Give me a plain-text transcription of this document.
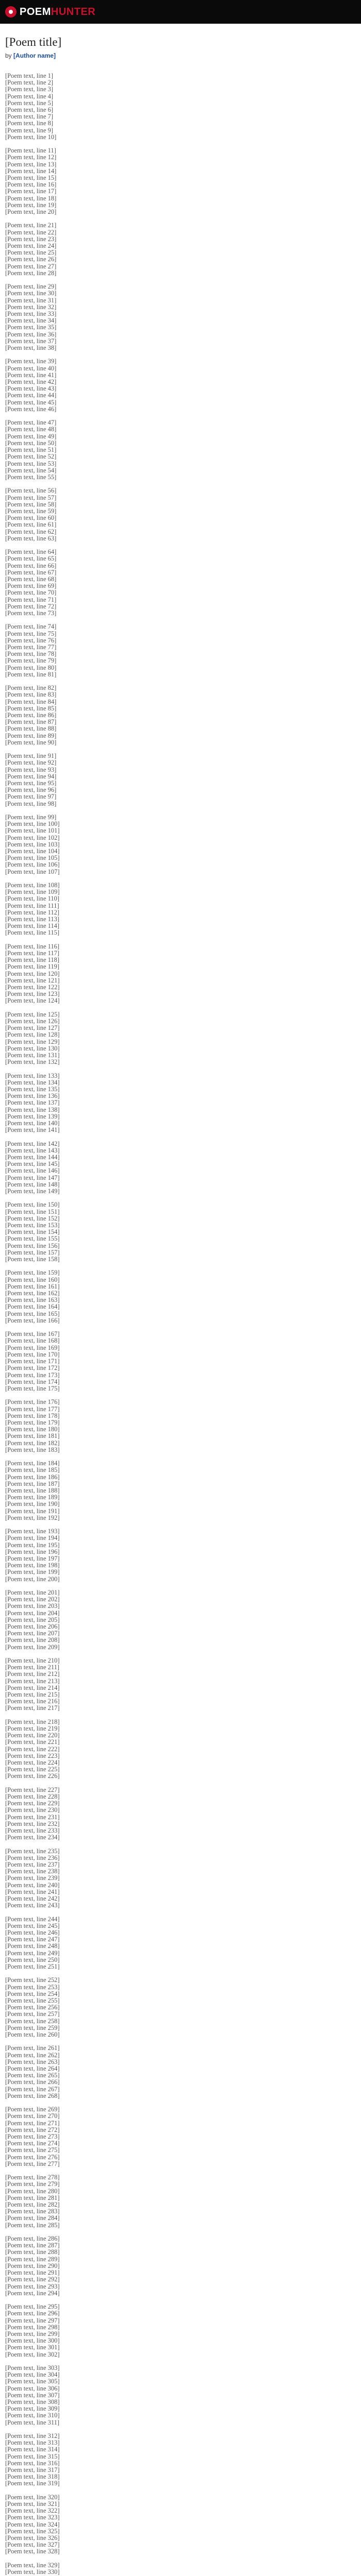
POEMHUNTER
[Poem title]
by [Author name]
[Poem text, line 1]
[Poem text, line 2]
[Poem text, line 3]
[Poem text, line 4]
[Poem text, line 5]
[Poem text, line 6]
[Poem text, line 7]
[Poem text, line 8]
[Poem text, line 9]
[Poem text, line 10]
[Poem text, line 11]
[Poem text, line 12]
[Poem text, line 13]
[Poem text, line 14]
[Poem text, line 15]
[Poem text, line 16]
[Poem text, line 17]
[Poem text, line 18]
[Poem text, line 19]
[Poem text, line 20]
[Poem text, line 21]
[Poem text, line 22]
[Poem text, line 23]
[Poem text, line 24]
[Poem text, line 25]
[Poem text, line 26]
[Poem text, line 27]
[Poem text, line 28]
[Poem text, line 29]
[Poem text, line 30]
[Poem text, line 31]
[Poem text, line 32]
[Poem text, line 33]
[Poem text, line 34]
[Poem text, line 35]
[Poem text, line 36]
[Poem text, line 37]
[Poem text, line 38]
[Poem text, line 39]
[Poem text, line 40]
[Poem text, line 41]
[Poem text, line 42]
[Poem text, line 43]
[Poem text, line 44]
[Poem text, line 45]
[Poem text, line 46]
[Poem text, line 47]
[Poem text, line 48]
[Poem text, line 49]
[Poem text, line 50]
[Poem text, line 51]
[Poem text, line 52]
[Poem text, line 53]
[Poem text, line 54]
[Poem text, line 55]
[Poem text, line 56]
[Poem text, line 57]
[Poem text, line 58]
[Poem text, line 59]
[Poem text, line 60]
[Poem text, line 61]
[Poem text, line 62]
[Poem text, line 63]
[Poem text, line 64]
[Poem text, line 65]
[Poem text, line 66]
[Poem text, line 67]
[Poem text, line 68]
[Poem text, line 69]
[Poem text, line 70]
[Poem text, line 71]
[Poem text, line 72]
[Poem text, line 73]
[Poem text, line 74]
[Poem text, line 75]
[Poem text, line 76]
[Poem text, line 77]
[Poem text, line 78]
[Poem text, line 79]
[Poem text, line 80]
[Poem text, line 81]
[Poem text, line 82]
[Poem text, line 83]
[Poem text, line 84]
[Poem text, line 85]
[Poem text, line 86]
[Poem text, line 87]
[Poem text, line 88]
[Poem text, line 89]
[Poem text, line 90]
[Poem text, line 91]
[Poem text, line 92]
[Poem text, line 93]
[Poem text, line 94]
[Poem text, line 95]
[Poem text, line 96]
[Poem text, line 97]
[Poem text, line 98]
[Poem text, line 99]
[Poem text, line 100]
[Poem text, line 101]
[Poem text, line 102]
[Poem text, line 103]
[Poem text, line 104]
[Poem text, line 105]
[Poem text, line 106]
[Poem text, line 107]
[Poem text, line 108]
[Poem text, line 109]
[Poem text, line 110]
[Poem text, line 111]
[Poem text, line 112]
[Poem text, line 113]
[Poem text, line 114]
[Poem text, line 115]
[Poem text, line 116]
[Poem text, line 117]
[Poem text, line 118]
[Poem text, line 119]
[Poem text, line 120]
[Poem text, line 121]
[Poem text, line 122]
[Poem text, line 123]
[Poem text, line 124]
[Poem text, line 125]
[Poem text, line 126]
[Poem text, line 127]
[Poem text, line 128]
[Poem text, line 129]
[Poem text, line 130]
[Poem text, line 131]
[Poem text, line 132]
[Poem text, line 133]
[Poem text, line 134]
[Poem text, line 135]
[Poem text, line 136]
[Poem text, line 137]
[Poem text, line 138]
[Poem text, line 139]
[Poem text, line 140]
[Poem text, line 141]
[Poem text, line 142]
[Poem text, line 143]
[Poem text, line 144]
[Poem text, line 145]
[Poem text, line 146]
[Poem text, line 147]
[Poem text, line 148]
[Poem text, line 149]
[Poem text, line 150]
[Poem text, line 151]
[Poem text, line 152]
[Poem text, line 153]
[Poem text, line 154]
[Poem text, line 155]
[Poem text, line 156]
[Poem text, line 157]
[Poem text, line 158]
[Poem text, line 159]
[Poem text, line 160]
[Poem text, line 161]
[Poem text, line 162]
[Poem text, line 163]
[Poem text, line 164]
[Poem text, line 165]
[Poem text, line 166]
[Poem text, line 167]
[Poem text, line 168]
[Poem text, line 169]
[Poem text, line 170]
[Poem text, line 171]
[Poem text, line 172]
[Poem text, line 173]
[Poem text, line 174]
[Poem text, line 175]
[Poem text, line 176]
[Poem text, line 177]
[Poem text, line 178]
[Poem text, line 179]
[Poem text, line 180]
[Poem text, line 181]
[Poem text, line 182]
[Poem text, line 183]
[Poem text, line 184]
[Poem text, line 185]
[Poem text, line 186]
[Poem text, line 187]
[Poem text, line 188]
[Poem text, line 189]
[Poem text, line 190]
[Poem text, line 191]
[Poem text, line 192]
[Poem text, line 193]
[Poem text, line 194]
[Poem text, line 195]
[Poem text, line 196]
[Poem text, line 197]
[Poem text, line 198]
[Poem text, line 199]
[Poem text, line 200]
[Poem text, line 201]
[Poem text, line 202]
[Poem text, line 203]
[Poem text, line 204]
[Poem text, line 205]
[Poem text, line 206]
[Poem text, line 207]
[Poem text, line 208]
[Poem text, line 209]
[Poem text, line 210]
[Poem text, line 211]
[Poem text, line 212]
[Poem text, line 213]
[Poem text, line 214]
[Poem text, line 215]
[Poem text, line 216]
[Poem text, line 217]
[Poem text, line 218]
[Poem text, line 219]
[Poem text, line 220]
[Poem text, line 221]
[Poem text, line 222]
[Poem text, line 223]
[Poem text, line 224]
[Poem text, line 225]
[Poem text, line 226]
[Poem text, line 227]
[Poem text, line 228]
[Poem text, line 229]
[Poem text, line 230]
[Poem text, line 231]
[Poem text, line 232]
[Poem text, line 233]
[Poem text, line 234]
[Poem text, line 235]
[Poem text, line 236]
[Poem text, line 237]
[Poem text, line 238]
[Poem text, line 239]
[Poem text, line 240]
[Poem text, line 241]
[Poem text, line 242]
[Poem text, line 243]
[Poem text, line 244]
[Poem text, line 245]
[Poem text, line 246]
[Poem text, line 247]
[Poem text, line 248]
[Poem text, line 249]
[Poem text, line 250]
[Poem text, line 251]
[Poem text, line 252]
[Poem text, line 253]
[Poem text, line 254]
[Poem text, line 255]
[Poem text, line 256]
[Poem text, line 257]
[Poem text, line 258]
[Poem text, line 259]
[Poem text, line 260]
[Poem text, line 261]
[Poem text, line 262]
[Poem text, line 263]
[Poem text, line 264]
[Poem text, line 265]
[Poem text, line 266]
[Poem text, line 267]
[Poem text, line 268]
[Poem text, line 269]
[Poem text, line 270]
[Poem text, line 271]
[Poem text, line 272]
[Poem text, line 273]
[Poem text, line 274]
[Poem text, line 275]
[Poem text, line 276]
[Poem text, line 277]
[Poem text, line 278]
[Poem text, line 279]
[Poem text, line 280]
[Poem text, line 281]
[Poem text, line 282]
[Poem text, line 283]
[Poem text, line 284]
[Poem text, line 285]
[Poem text, line 286]
[Poem text, line 287]
[Poem text, line 288]
[Poem text, line 289]
[Poem text, line 290]
[Poem text, line 291]
[Poem text, line 292]
[Poem text, line 293]
[Poem text, line 294]
[Poem text, line 295]
[Poem text, line 296]
[Poem text, line 297]
[Poem text, line 298]
[Poem text, line 299]
[Poem text, line 300]
[Poem text, line 301]
[Poem text, line 302]
[Poem text, line 303]
[Poem text, line 304]
[Poem text, line 305]
[Poem text, line 306]
[Poem text, line 307]
[Poem text, line 308]
[Poem text, line 309]
[Poem text, line 310]
[Poem text, line 311]
[Poem text, line 312]
[Poem text, line 313]
[Poem text, line 314]
[Poem text, line 315]
[Poem text, line 316]
[Poem text, line 317]
[Poem text, line 318]
[Poem text, line 319]
[Poem text, line 320]
[Poem text, line 321]
[Poem text, line 322]
[Poem text, line 323]
[Poem text, line 324]
[Poem text, line 325]
[Poem text, line 326]
[Poem text, line 327]
[Poem text, line 328]
[Poem text, line 329]
[Poem text, line 330]
